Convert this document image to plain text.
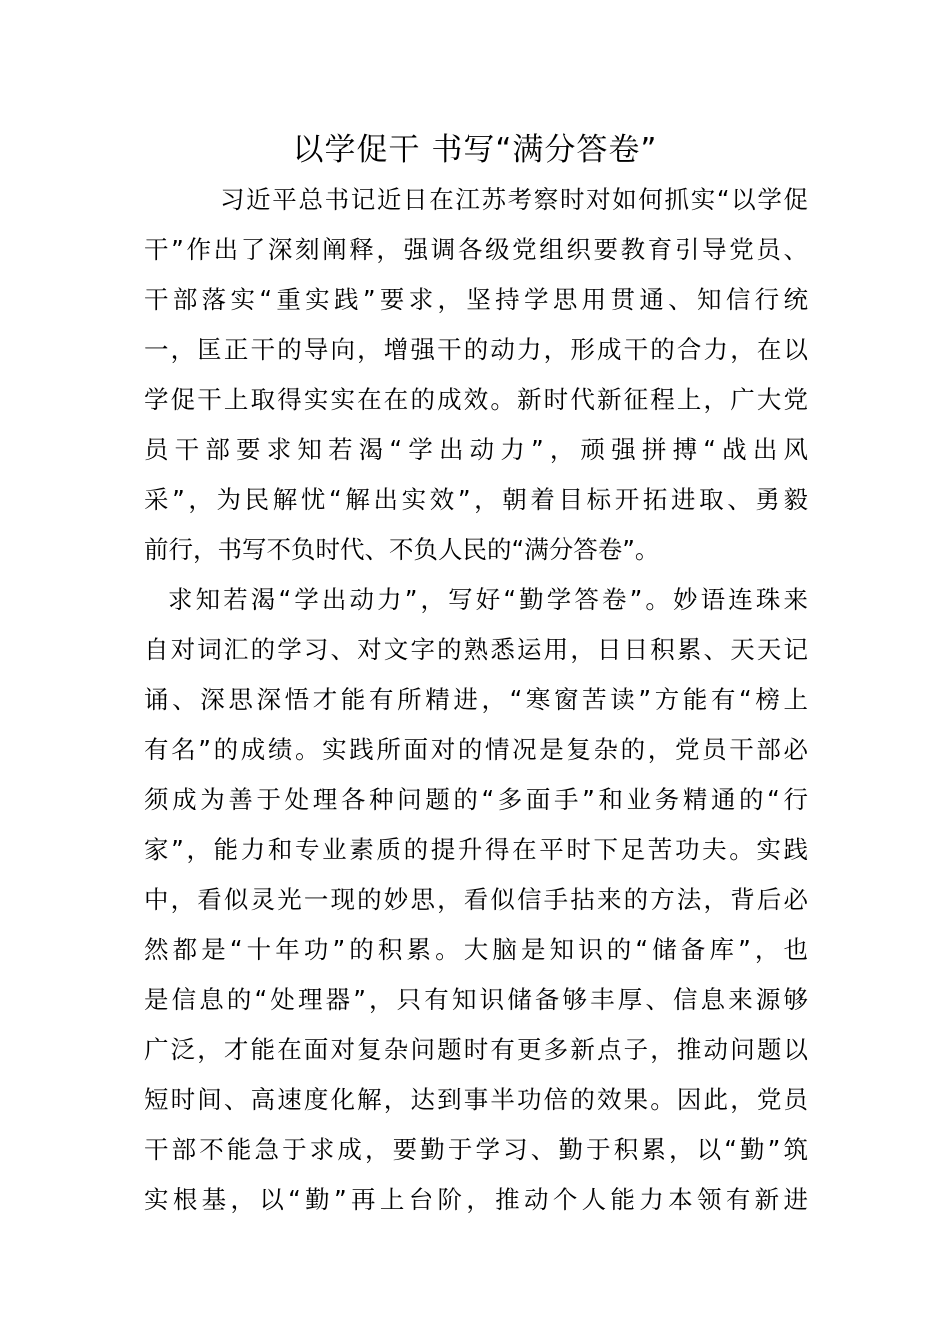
以学促干 书写“满分答卷”
习近平总书记近日在江苏考察时对如何抓实“以学促
干”作出了深刻阐释，强调各级党组织要教育引导党员、
干部落实“重实践”要求，坚持学思用贯通、知信行统
一，匡正干的导向，增强干的动力，形成干的合力，在以
学促干上取得实实在在的成效。新时代新征程上，广大党
员干部要求知若渴“学出动力”，顽强拼搏“战出风
采”，为民解忧“解出实效”，朝着目标开拓进取、勇毅
前行，书写不负时代、不负人民的“满分答卷”。
求知若渴“学出动力”，写好“勤学答卷”。妙语连珠来
自对词汇的学习、对文字的熟悉运用，日日积累、天天记
诵、深思深悟才能有所精进，“寒窗苦读”方能有“榜上
有名”的成绩。实践所面对的情况是复杂的，党员干部必
须成为善于处理各种问题的“多面手”和业务精通的“行
家”，能力和专业素质的提升得在平时下足苦功夫。实践
中，看似灵光一现的妙思，看似信手拈来的方法，背后必
然都是“十年功”的积累。大脑是知识的“储备库”，也
是信息的“处理器”，只有知识储备够丰厚、信息来源够
广泛，才能在面对复杂问题时有更多新点子，推动问题以
短时间、高速度化解，达到事半功倍的效果。因此，党员
干部不能急于求成，要勤于学习、勤于积累，以“勤”筑
实根基，以“勤”再上台阶，推动个人能力本领有新进
